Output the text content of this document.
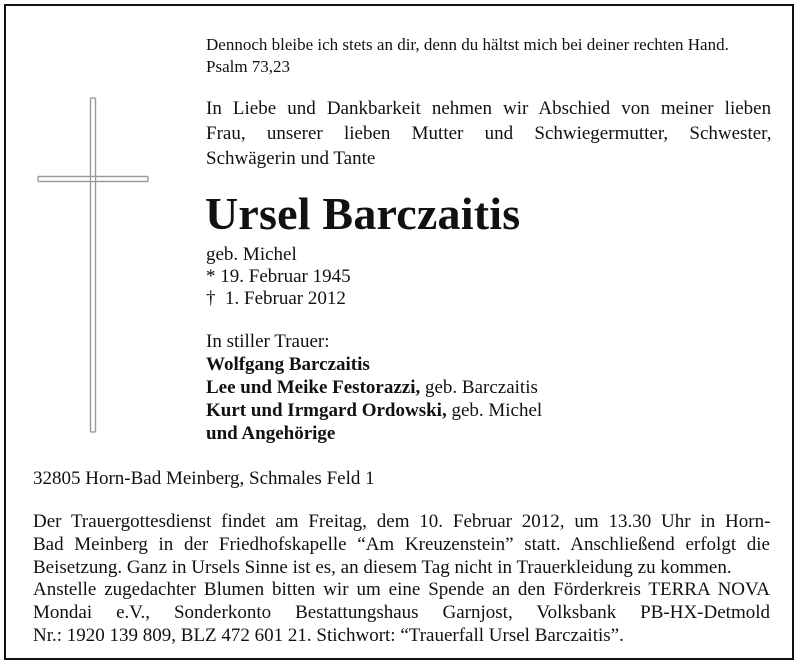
Dennoch bleibe ich stets an dir, denn du hältst mich bei deiner rechten Hand.
Psalm 73,23
In Liebe und Dankbarkeit nehmen wir Abschied von meiner lieben
Frau, unserer lieben Mutter und Schwiegermutter, Schwester,
Schwägerin und Tante
Ursel Barczaitis
geb. Michel
* 19. Februar 1945
†  1. Februar 2012
In stiller Trauer:
Wolfgang Barczaitis
Lee und Meike Festorazzi, geb. Barczaitis
Kurt und Irmgard Ordowski, geb. Michel
und Angehörige
32805 Horn-Bad Meinberg, Schmales Feld 1
Der Trauergottesdienst findet am Freitag, dem 10. Februar 2012, um 13.30 Uhr in Horn-
Bad Meinberg in der Friedhofskapelle “Am Kreuzenstein” statt. Anschließend erfolgt die
Beisetzung. Ganz in Ursels Sinne ist es, an diesem Tag nicht in Trauerkleidung zu kommen.
Anstelle zugedachter Blumen bitten wir um eine Spende an den Förderkreis TERRA NOVA
Mondai e.V., Sonderkonto Bestattungshaus Garnjost, Volksbank PB-HX-Detmold
Nr.: 1920 139 809, BLZ 472 601 21. Stichwort: “Trauerfall Ursel Barczaitis”.
